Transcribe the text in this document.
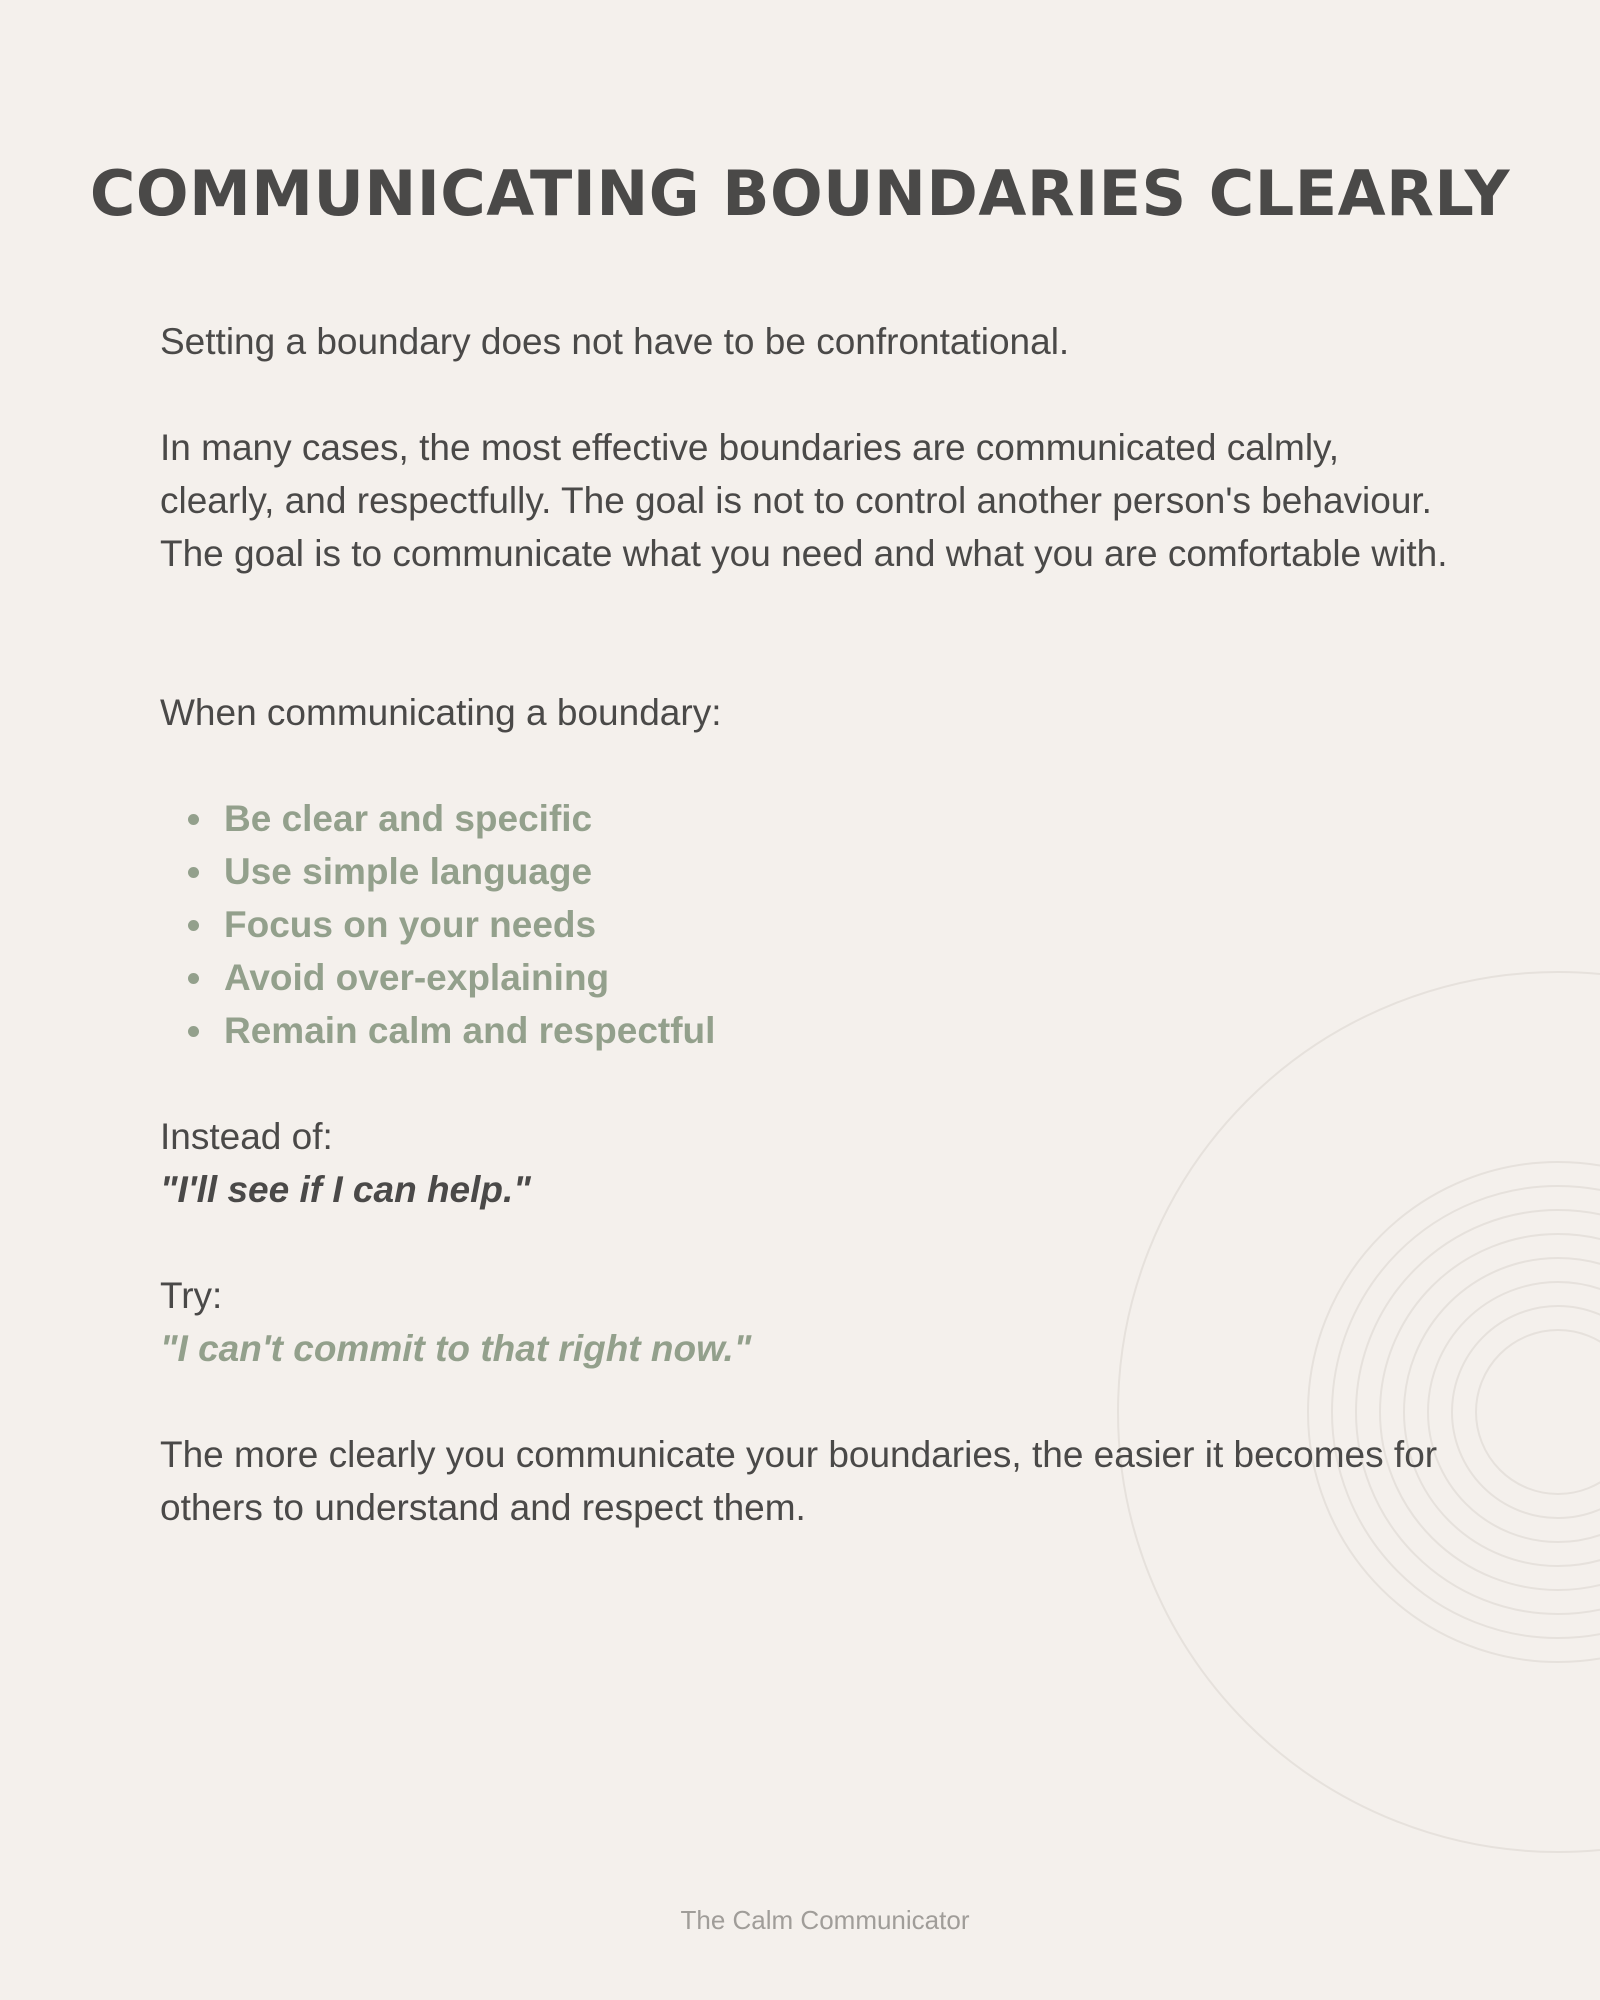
COMMUNICATING BOUNDARIES CLEARLY

Setting a boundary does not have to be confrontational.

In many cases, the most effective boundaries are communicated calmly, clearly, and respectfully. The goal is not to control another person's behaviour. The goal is to communicate what you need and what you are comfortable with.

When communicating a boundary:

Be clear and specific
Use simple language
Focus on your needs
Avoid over-explaining
Remain calm and respectful

Instead of:

"I'll see if I can help."

Try:

"I can't commit to that right now."

The more clearly you communicate your boundaries, the easier it becomes for others to understand and respect them.

The Calm Communicator
